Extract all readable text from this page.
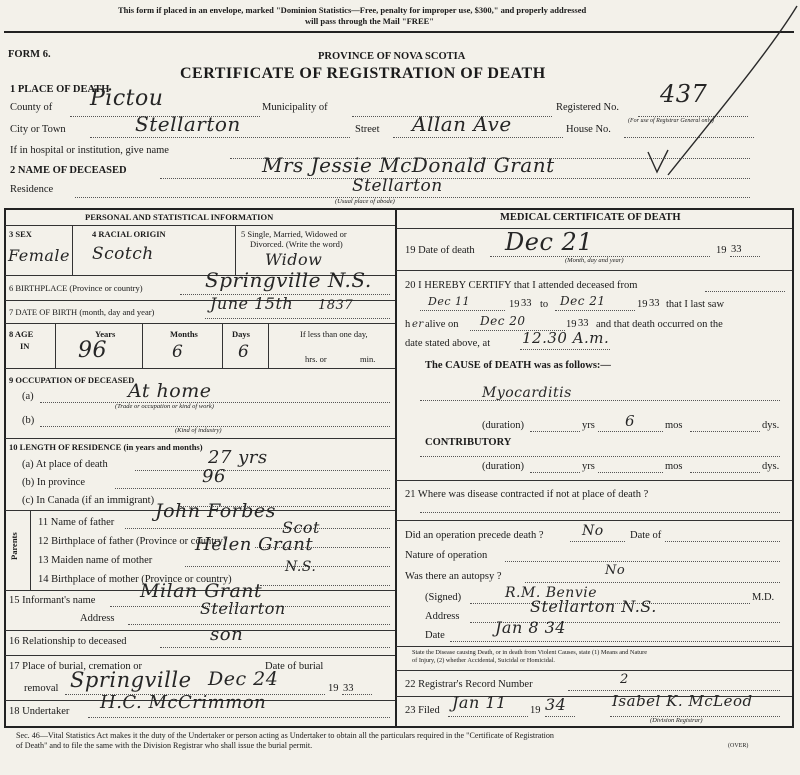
This form if placed in an envelope, marked "Dominion Statistics—Free, penalty for improper use, $300," and properly addressed
will pass through the Mail "FREE"
FORM 6.	PROVINCE OF NOVA SCOTIA
CERTIFICATE OF REGISTRATION OF DEATH
1 PLACE OF DEATH
County of Pictou	Municipality of	Registered No. 437
(For use of Registrar General only)
City or Town	Stellarton	Street Allan Ave	House No.
If in hospital or institution, give name
2 NAME OF DECEASED	Mrs Jessie McDonald Grant
Residence	Stellarton
(Usual place of abode)
PERSONAL AND STATISTICAL INFORMATION
3 SEX
Female
4 RACIAL ORIGIN
Scotch
5 Single, Married, Widowed or
Divorced. (Write the word)
Widow
6 BIRTHPLACE (Province or country)	Springville N.S.
7 DATE OF BIRTH (month, day and year)	June 15th 1837
8 AGE
IN
Years
96
Months
6
Days
6
If less than one day,
hrs. or	min.
9 OCCUPATION OF DECEASED
(a)	At home
(Trade or occupation or kind of work)
(b)
(Kind of industry)
10 LENGTH OF RESIDENCE (in years and months)
(a) At place of death	27 yrs
(b) In province	96
(c) In Canada (if an immigrant)
Parents
11 Name of father
John Forbes
12 Birthplace of father (Province or country)
Scot
13 Maiden name of mother
Helen Grant
14 Birthplace of mother (Province or country)
N.S.
15 Informant's name Milan Grant
Address
Stellarton
16 Relationship to deceased	son
17 Place of burial, cremation or	Date of burial
removal Springville Dec 24	19 33
18 Undertaker H.C. McCrimmon
MEDICAL CERTIFICATE OF DEATH
19 Date of death Dec 21
(Month, day and year)
19 33
20 I HEREBY CERTIFY that I attended deceased from
Dec 11	19 33 to Dec 21	19 33 that I last saw
h er alive on Dec 20	19 33 and that death occurred on the
date stated above, at 12.30 A.m.
The CAUSE of DEATH was as follows:—
Myocarditis
(duration)	yrs 6	mos	dys.
CONTRIBUTORY
(duration)	yrs	mos	dys.
21 Where was disease contracted if not at place of death ?
Did an operation precede death ?	No	Date of
Nature of operation
Was there an autopsy ?	No
(Signed)	R.M. Benvie	M.D.
Address
Stellarton N.S.
Date	Jan 8 34
State the Disease causing Death, or in death from Violent Causes, state (1) Means and Nature
of Injury, (2) whether Accidental, Suicidal or Homicidal.
22 Registrar's Record Number	2
23 Filed Jan 11 19 34	Isabel K. McLeod
(Division Registrar)
Sec. 46—Vital Statistics Act makes it the duty of the Undertaker or person acting as Undertaker to obtain all the particulars required in the "Certificate of Registration
of Death" and to file the same with the Division Registrar who shall issue the burial permit.	(OVER)
